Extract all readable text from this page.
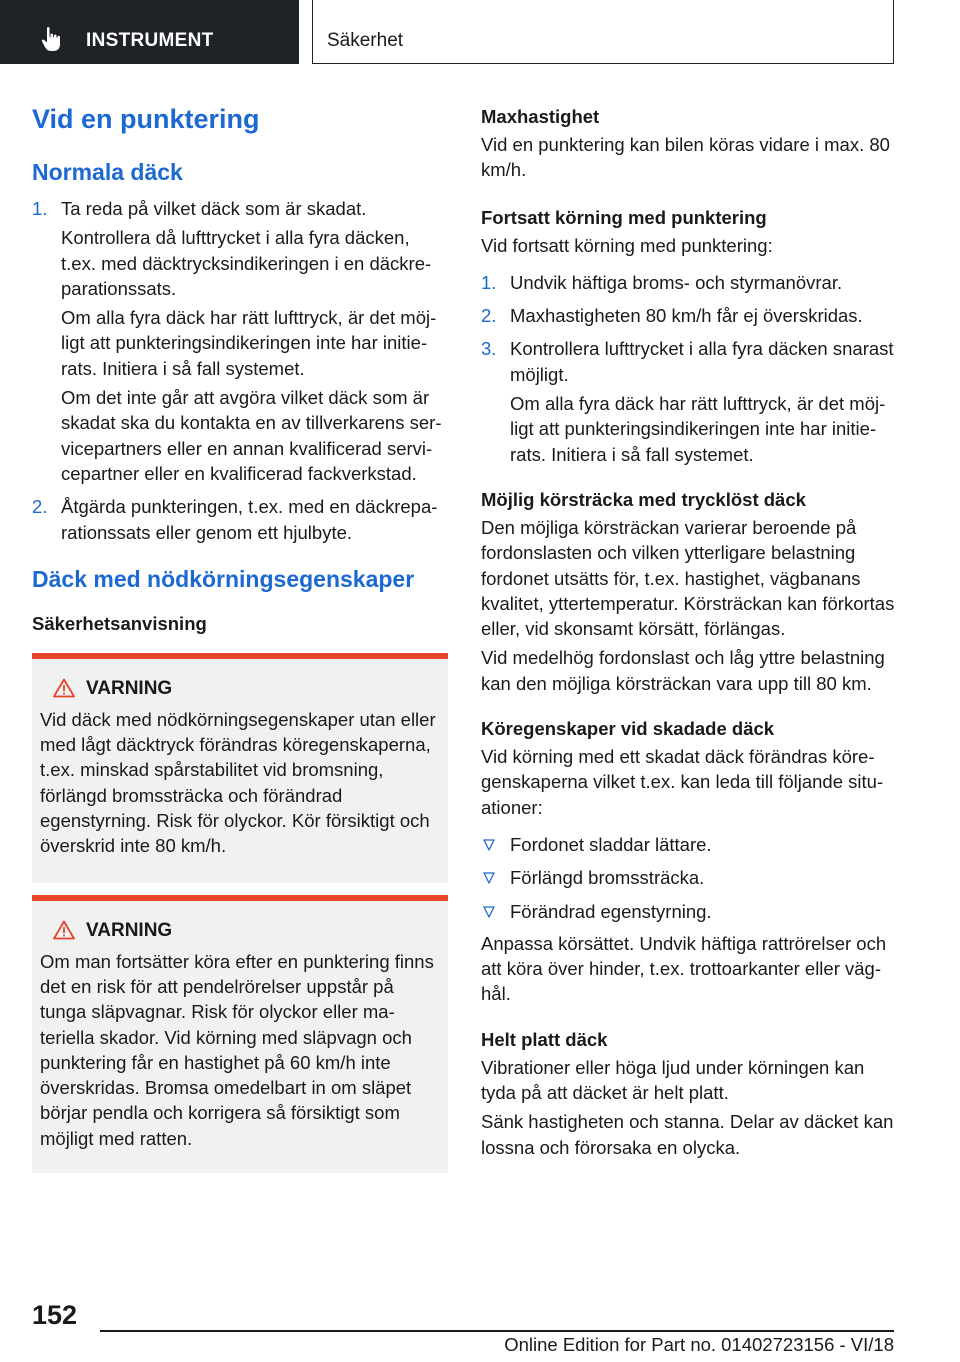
INSTRUMENT	Säkerhet
Vid en punktering
Normala däck
1. Ta reda på vilket däck som är skadat.

Kontrollera då lufttrycket i alla fyra däcken, t.ex. med däcktrycksindikeringen i en däckreparationssats.

Om alla fyra däck har rätt lufttryck, är det möjligt att punkteringsindikeringen inte har initierats. Initiera i så fall systemet.

Om det inte går att avgöra vilket däck som är skadat ska du kontakta en av tillverkarens servicepartners eller en annan kvalificerad servicepartner eller en kvalificerad fackverkstad.

2. Åtgärda punkteringen, t.ex. med en däckreparationssats eller genom ett hjulbyte.

Däck med nödkörningsegenskaper
Säkerhetsanvisning
VARNING

Vid däck med nödkörningsegenskaper utan eller med lågt däcktryck förändras köregenskaperna, t.ex. minskad spårstabilitet vid bromsning, förlängd bromssträcka och förändrad egenstyrning. Risk för olyckor. Kör försiktigt och överskrid inte 80 km/h.

VARNING

Om man fortsätter köra efter en punktering finns det en risk för att pendelrörelser uppstår på tunga släpvagnar. Risk för olyckor eller materiella skador. Vid körning med släpvagn och punktering får en hastighet på 60 km/h inte överskridas. Bromsa omedelbart in om släpet börjar pendla och korrigera så försiktigt som möjligt med ratten.

Maxhastighet

Vid en punktering kan bilen köras vidare i max. 80 km/h.

Fortsatt körning med punktering

Vid fortsatt körning med punktering:

1. Undvik häftiga broms- och styrmanövrar.

2. Maxhastigheten 80 km/h får ej överskridas.

3. Kontrollera lufttrycket i alla fyra däcken snarast möjligt.

Om alla fyra däck har rätt lufttryck, är det möjligt att punkteringsindikeringen inte har initierats. Initiera i så fall systemet.

Möjlig körsträcka med trycklöst däck

Den möjliga körsträckan varierar beroende på fordonslasten och vilken ytterligare belastning fordonet utsätts för, t.ex. hastighet, vägbanans kvalitet, yttertemperatur. Körsträckan kan förkortas eller, vid skonsamt körsätt, förlängas.

Vid medelhög fordonslast och låg yttre belastning kan den möjliga körsträckan vara upp till 80 km.

Köregenskaper vid skadade däck

Vid körning med ett skadat däck förändras köregenskaperna vilket t.ex. kan leda till följande situationer:

Fordonet sladdar lättare.

Förlängd bromssträcka.

Förändrad egenstyrning.

Anpassa körsättet. Undvik häftiga rattrörelser och att köra över hinder, t.ex. trottoarkanter eller väghål.

Helt platt däck

Vibrationer eller höga ljud under körningen kan tyda på att däcket är helt platt.

Sänk hastigheten och stanna. Delar av däcket kan lossna och förorsaka en olycka.

152
Online Edition for Part no. 01402723156 - VI/18
